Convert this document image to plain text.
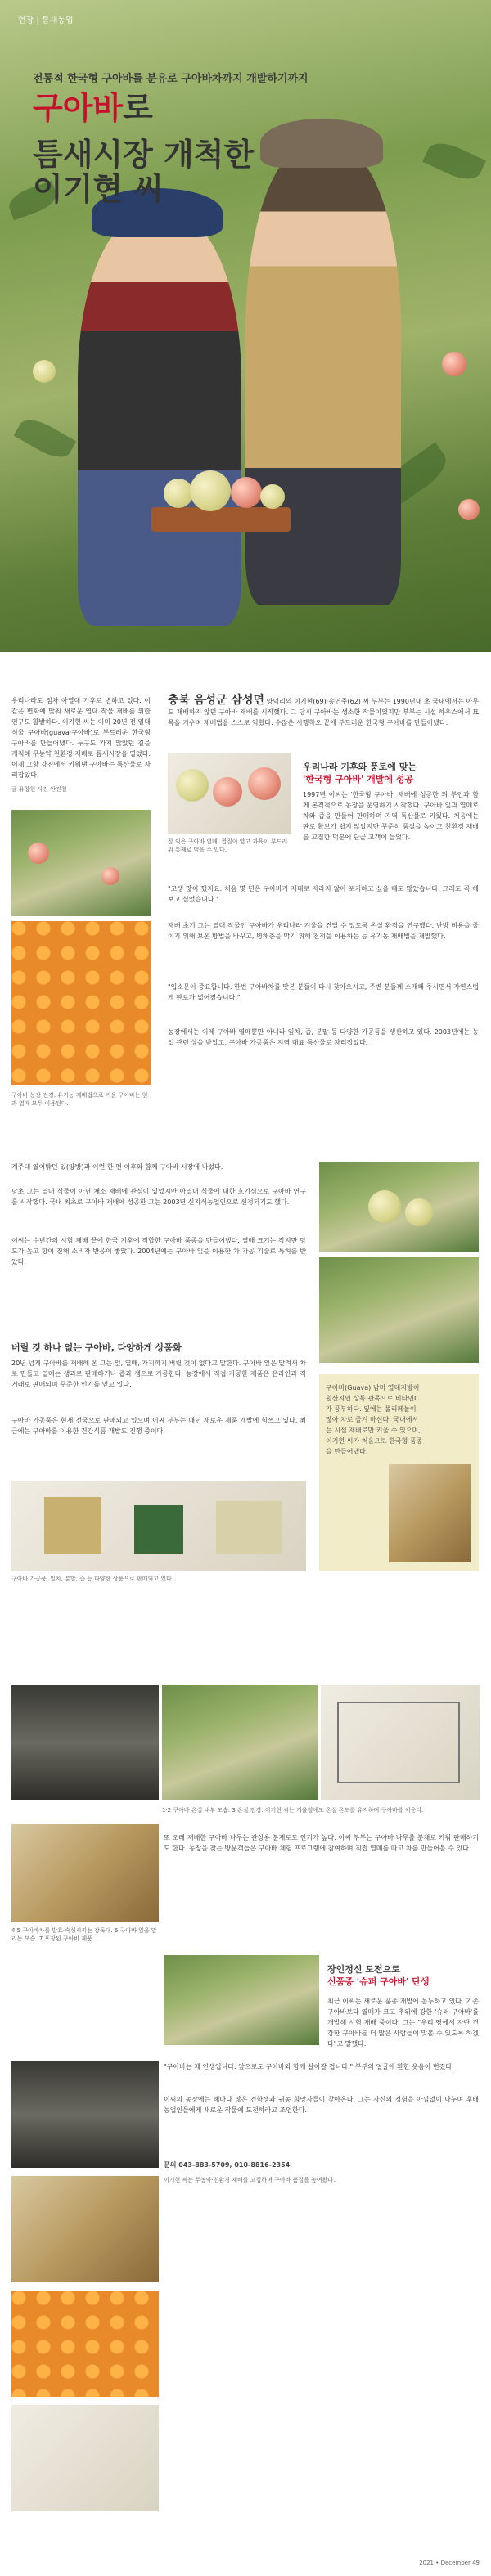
현장 | 틈새농업
전통적 한국형 구아바를 분유로 구아바차까지 개발하기까지
구아바로
틈새시장 개척한
이기현 씨
우리나라도 점차 아열대 기후로 변하고 있다. 이 같은 변화에 맞춰 새로운 열대 작물 재배를 위한 연구도 활발하다. 이기현 씨는 이미 20년 전 열대식물 구아바(guava·구아바)로 부드러운 한국형 구아바를 만들어냈다. 누구도 가지 않았던 길을 개척해 무농약 친환경 재배로 틈새시장을 열었다. 이제 고향 강진에서 키워낸 구아바는 특산물로 자리잡았다.
글 유창현 사진 안진철
구아바 농장 전경. 유기농 재배법으로 키운 구아바는 잎과 열매 모두 이용된다.
충북 음성군 삼성면 양덕리의 이기현(69)·송연주(62) 씨 부부는 1990년대 초 국내에서는 아무도 재배하지 않던 구아바 재배를 시작했다. 그 당시 구아바는 생소한 작물이었지만 부부는 시설 하우스에서 묘목을 키우며 재배법을 스스로 익혔다. 수많은 시행착오 끝에 부드러운 한국형 구아바를 만들어냈다.
잘 익은 구아바 열매. 껍질이 얇고 과육이 부드러워 통째로 먹을 수 있다.
우리나라 기후와 풍토에 맞는
'한국형 구아바' 개발에 성공
1997년 이씨는 '한국형 구아바' 재배에 성공한 뒤 부인과 함께 본격적으로 농장을 운영하기 시작했다. 구아바 잎과 열매로 차와 즙을 만들어 판매하며 지역 특산물로 키웠다. 처음에는 판로 확보가 쉽지 않았지만 꾸준히 품질을 높이고 친환경 재배를 고집한 덕분에 단골 고객이 늘었다.
"고생 많이 했지요. 처음 몇 년은 구아바가 제대로 자라지 않아 포기하고 싶을 때도 많았습니다. 그래도 꼭 해보고 싶었습니다."
재배 초기 그는 열대 작물인 구아바가 우리나라 겨울을 견딜 수 있도록 온실 환경을 연구했다. 난방 비용을 줄이기 위해 보온 방법을 바꾸고, 병해충을 막기 위해 천적을 이용하는 등 유기농 재배법을 개발했다.
"입소문이 중요합니다. 한번 구아바차를 맛본 분들이 다시 찾아오시고, 주변 분들께 소개해 주시면서 자연스럽게 판로가 넓어졌습니다."
농장에서는 이제 구아바 열매뿐만 아니라 잎차, 즙, 분말 등 다양한 가공품을 생산하고 있다. 2003년에는 농업 관련 상을 받았고, 구아바 가공품은 지역 대표 특산물로 자리잡았다.
계주대 열어밖던 있(양방)과 이런 한 편 이후와 함께 구아바 시장에 나섰다.
당초 그는 열대 식물이 아닌 채소 재배에 관심이 있었지만 아열대 식물에 대한 호기심으로 구아바 연구를 시작했다. 국내 최초로 구아바 재배에 성공한 그는 2003년 신지식농업인으로 선정되기도 했다.
이씨는 수년간의 시험 재배 끝에 한국 기후에 적합한 구아바 품종을 만들어냈다. 열매 크기는 작지만 당도가 높고 향이 진해 소비자 반응이 좋았다. 2004년에는 구아바 잎을 이용한 차 가공 기술로 특허를 받았다.
버릴 것 하나 없는 구아바, 다양하게 상품화
20년 넘게 구아바를 재배해 온 그는 잎, 열매, 가지까지 버릴 것이 없다고 말한다. 구아바 잎은 말려서 차로 만들고 열매는 생과로 판매하거나 즙과 잼으로 가공한다. 농장에서 직접 가공한 제품은 온라인과 직거래로 판매되며 꾸준한 인기를 얻고 있다.
구아바 가공품은 현재 전국으로 판매되고 있으며 이씨 부부는 매년 새로운 제품 개발에 힘쓰고 있다. 최근에는 구아바를 이용한 건강식품 개발도 진행 중이다.
구아바 가공품. 잎차, 분말, 즙 등 다양한 상품으로 판매되고 있다.
구아바(Guava) 남미 열대지방이 원산지인 상록 관목으로 비타민C가 풍부하다. 잎에는 폴리페놀이 많아 차로 즐겨 마신다. 국내에서는 시설 재배로만 키울 수 있으며, 이기현 씨가 처음으로 한국형 품종을 만들어냈다.
1·2 구아바 온실 내부 모습. 3 온실 전경. 이기현 씨는 겨울철에도 온실 온도를 유지하며 구아바를 키운다.
또 오래 재배한 구아바 나무는 관상용 분재로도 인기가 높다. 이씨 부부는 구아바 나무를 분재로 키워 판매하기도 한다. 농장을 찾는 방문객들은 구아바 체험 프로그램에 참여하며 직접 열매를 따고 차를 만들어볼 수 있다.
4·5 구아바차를 발효·숙성시키는 장독대. 6 구아바 잎을 말리는 모습. 7 포장된 구아바 제품.
장인정신 도전으로
신품종 '슈퍼 구아바' 탄생
최근 이씨는 새로운 품종 개발에 몰두하고 있다. 기존 구아바보다 열매가 크고 추위에 강한 '슈퍼 구아바'를 개발해 시험 재배 중이다. 그는 "우리 땅에서 자란 건강한 구아바를 더 많은 사람들이 맛볼 수 있도록 하겠다"고 말했다.
"구아바는 제 인생입니다. 앞으로도 구아바와 함께 살아갈 겁니다." 부부의 얼굴에 환한 웃음이 번졌다.
이씨의 농장에는 해마다 많은 견학생과 귀농 희망자들이 찾아온다. 그는 자신의 경험을 아낌없이 나누며 후배 농업인들에게 새로운 작물에 도전하라고 조언한다.
문의 043-883-5709, 010-8816-2354
이기현 씨는 무농약·친환경 재배를 고집하며 구아바 품질을 높여왔다.
2021 • December 49
